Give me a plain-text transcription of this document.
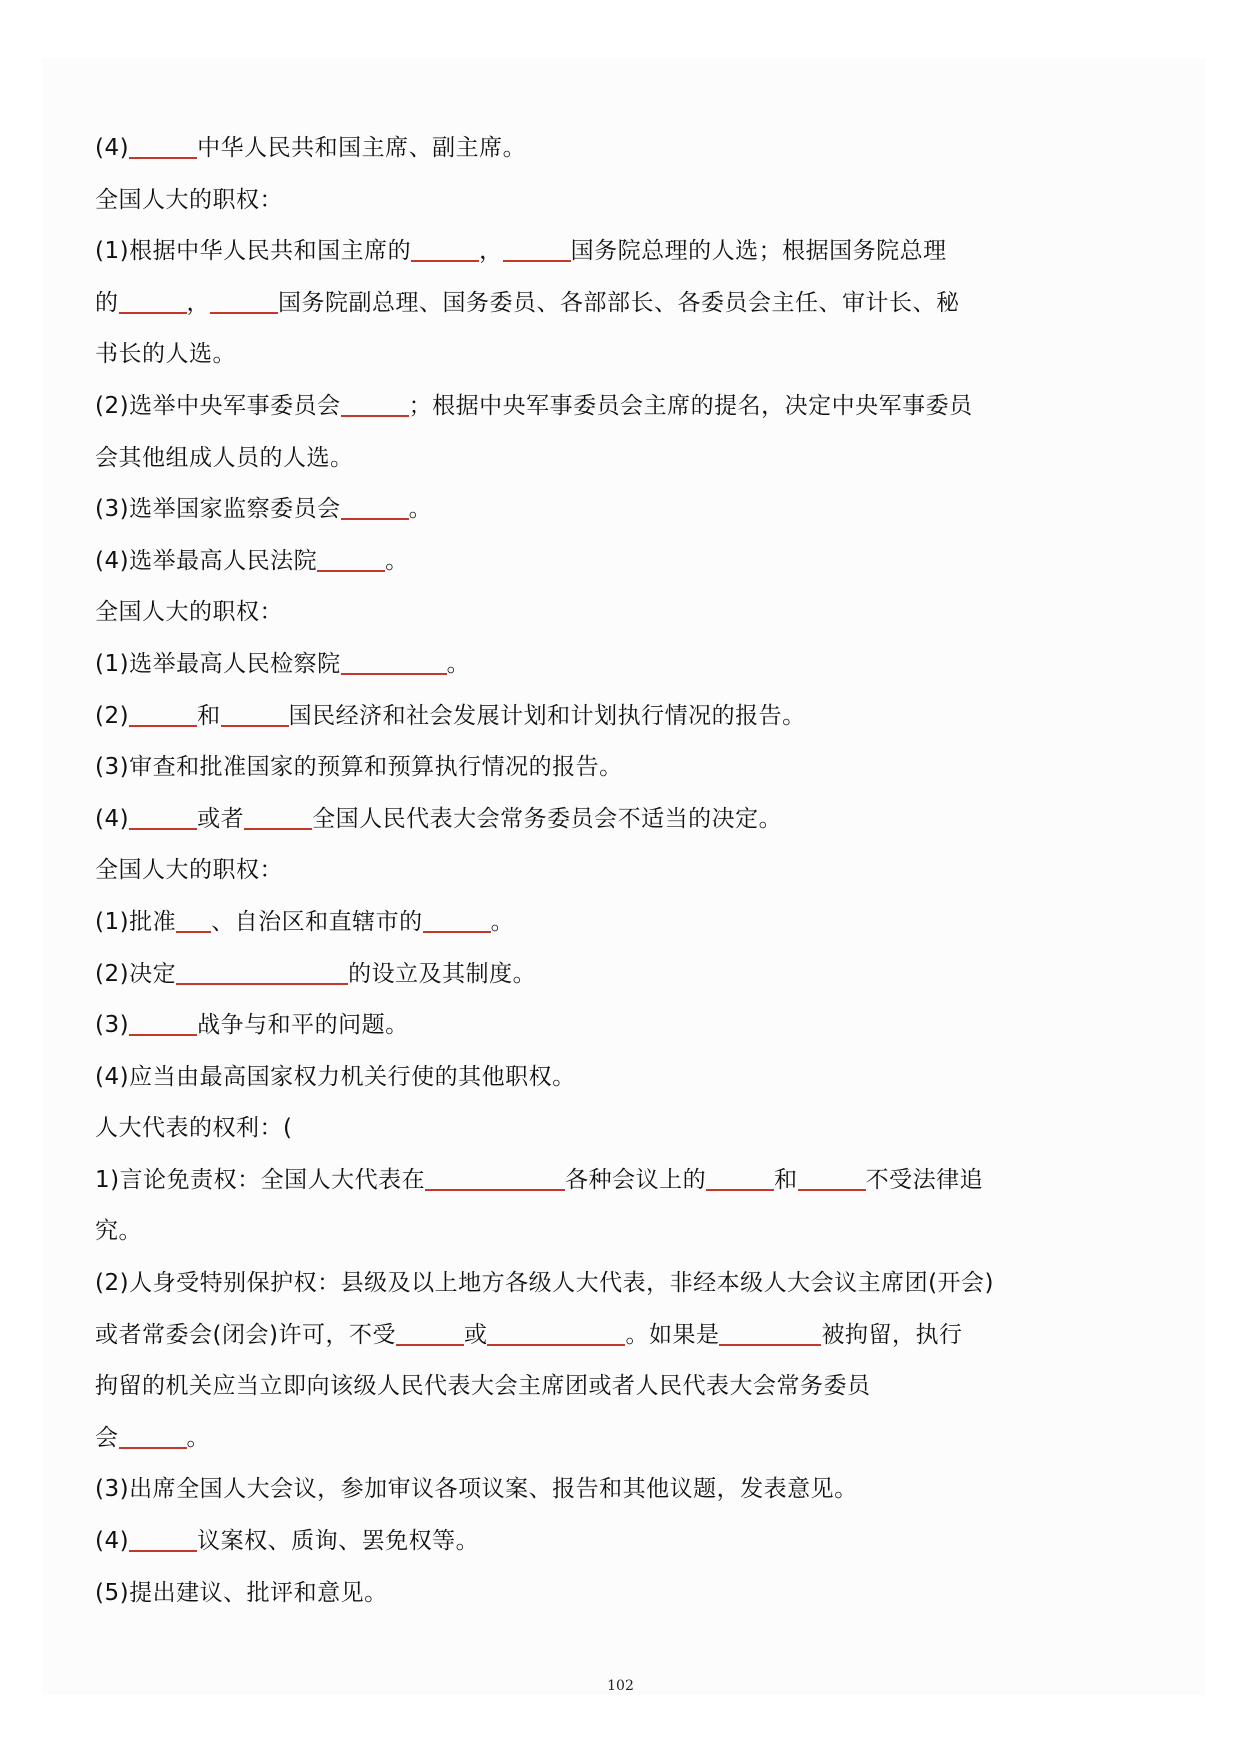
(4)	中华人民共和国主席、副主席。
全国人大的职权：
(1)根据中华人民共和国主席的	，	国务院总理的人选；根据国务院总理
的	，	国务院副总理、国务委员、各部部长、各委员会主任、审计长、秘
书长的人选。
(2)选举中央军事委员会	；根据中央军事委员会主席的提名，决定中央军事委员
会其他组成人员的人选。
(3)选举国家监察委员会	。
(4)选举最高人民法院	。
全国人大的职权：
(1)选举最高人民检察院	。
(2)	和	国民经济和社会发展计划和计划执行情况的报告。
(3)审查和批准国家的预算和预算执行情况的报告。
(4)	或者	全国人民代表大会常务委员会不适当的决定。
全国人大的职权：
(1)批准 、自治区和直辖市的	。
(2)决定	的设立及其制度。
(3)	战争与和平的问题。
(4)应当由最高国家权力机关行使的其他职权。
人大代表的权利：(
1)言论免责权：全国人大代表在	各种会议上的	和	不受法律追
究。
(2)人身受特别保护权：县级及以上地方各级人大代表，非经本级人大会议主席团(开会)
或者常委会(闭会)许可，不受	或	。如果是	被拘留，执行
拘留的机关应当立即向该级人民代表大会主席团或者人民代表大会常务委员
会	。
(3)出席全国人大会议，参加审议各项议案、报告和其他议题，发表意见。
(4)	议案权、质询、罢免权等。
(5)提出建议、批评和意见。
102
